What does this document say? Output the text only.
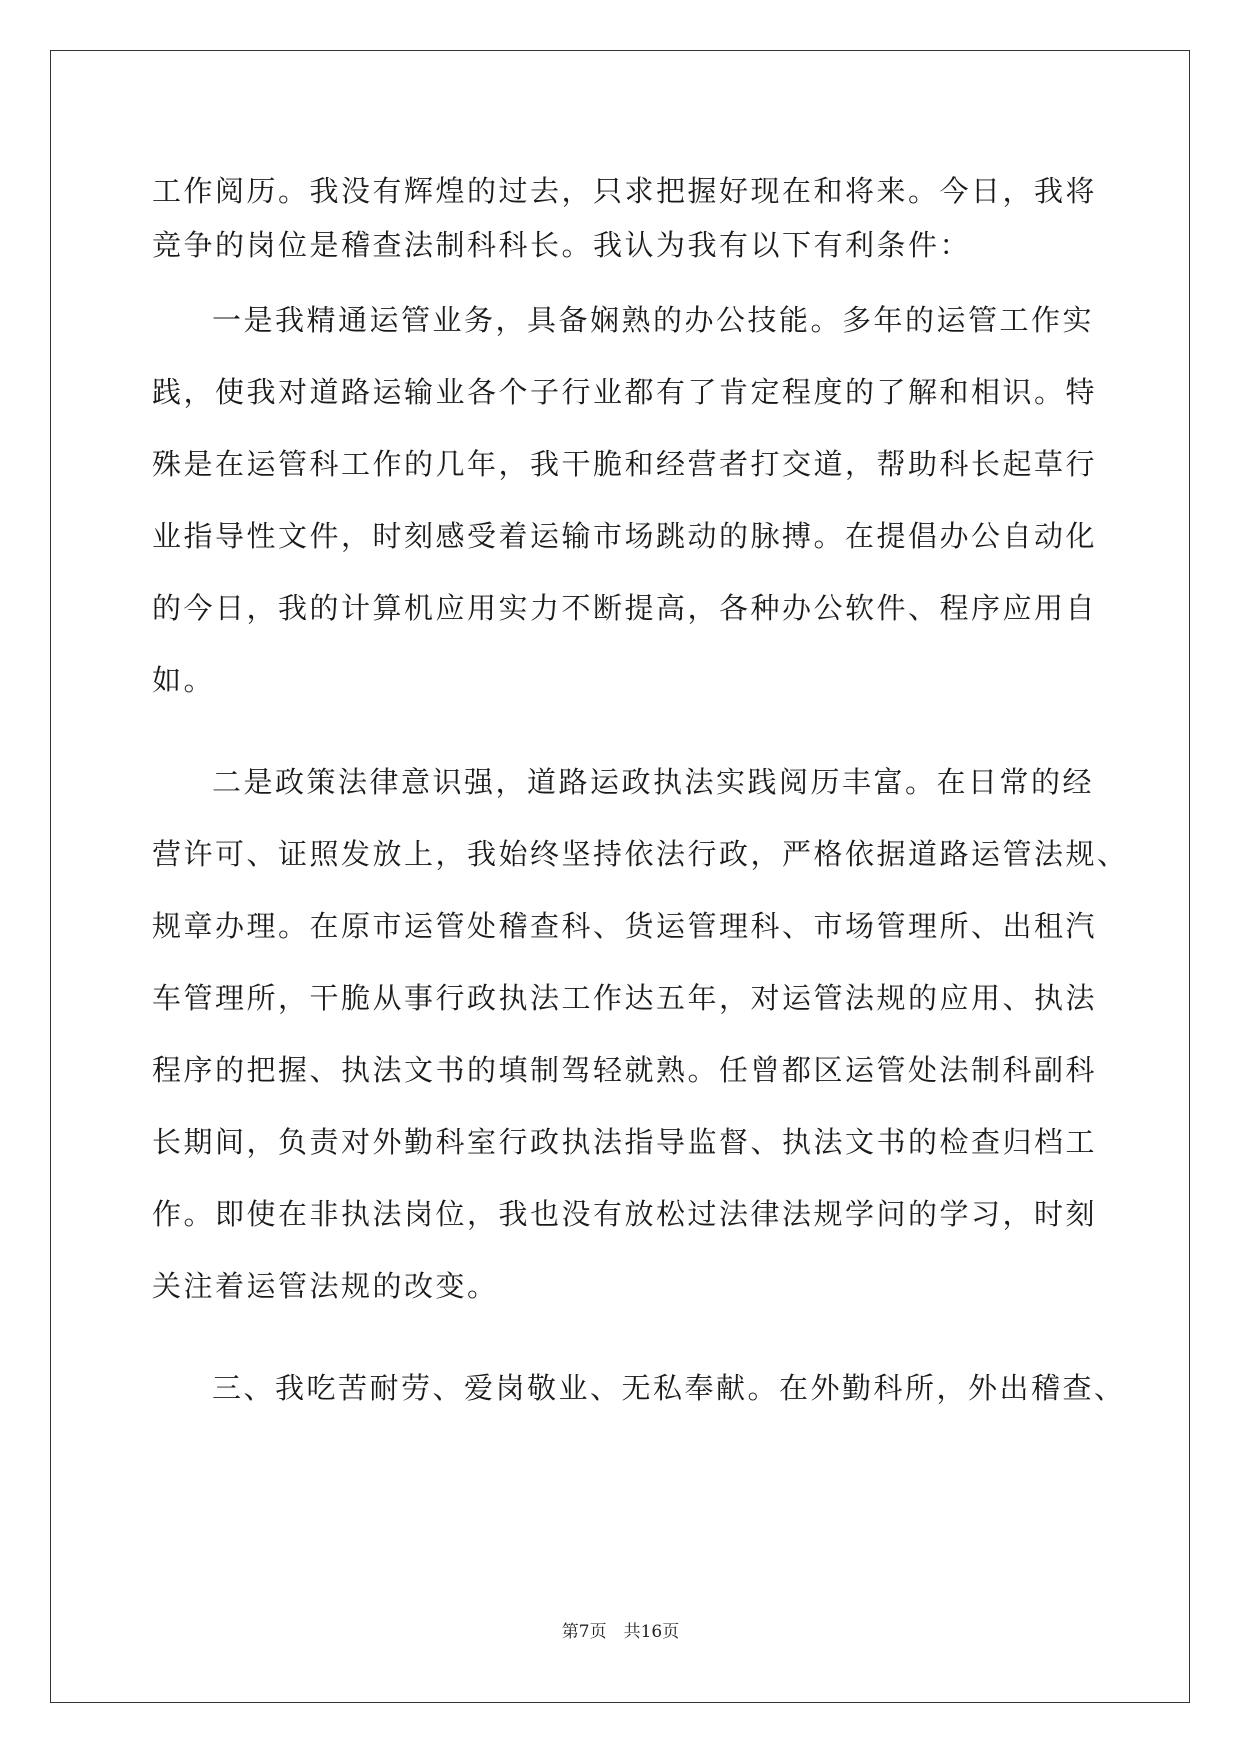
工作阅历。我没有辉煌的过去，只求把握好现在和将来。今日，我将
竞争的岗位是稽查法制科科长。我认为我有以下有利条件：
一是我精通运管业务，具备娴熟的办公技能。多年的运管工作实
践，使我对道路运输业各个子行业都有了肯定程度的了解和相识。特
殊是在运管科工作的几年，我干脆和经营者打交道，帮助科长起草行
业指导性文件，时刻感受着运输市场跳动的脉搏。在提倡办公自动化
的今日，我的计算机应用实力不断提高，各种办公软件、程序应用自
如。
二是政策法律意识强，道路运政执法实践阅历丰富。在日常的经
营许可、证照发放上，我始终坚持依法行政，严格依据道路运管法规、
规章办理。在原市运管处稽查科、货运管理科、市场管理所、出租汽
车管理所，干脆从事行政执法工作达五年，对运管法规的应用、执法
程序的把握、执法文书的填制驾轻就熟。任曾都区运管处法制科副科
长期间，负责对外勤科室行政执法指导监督、执法文书的检查归档工
作。即使在非执法岗位，我也没有放松过法律法规学问的学习，时刻
关注着运管法规的改变。
三、我吃苦耐劳、爱岗敬业、无私奉献。在外勤科所，外出稽查、
第7页　共16页
